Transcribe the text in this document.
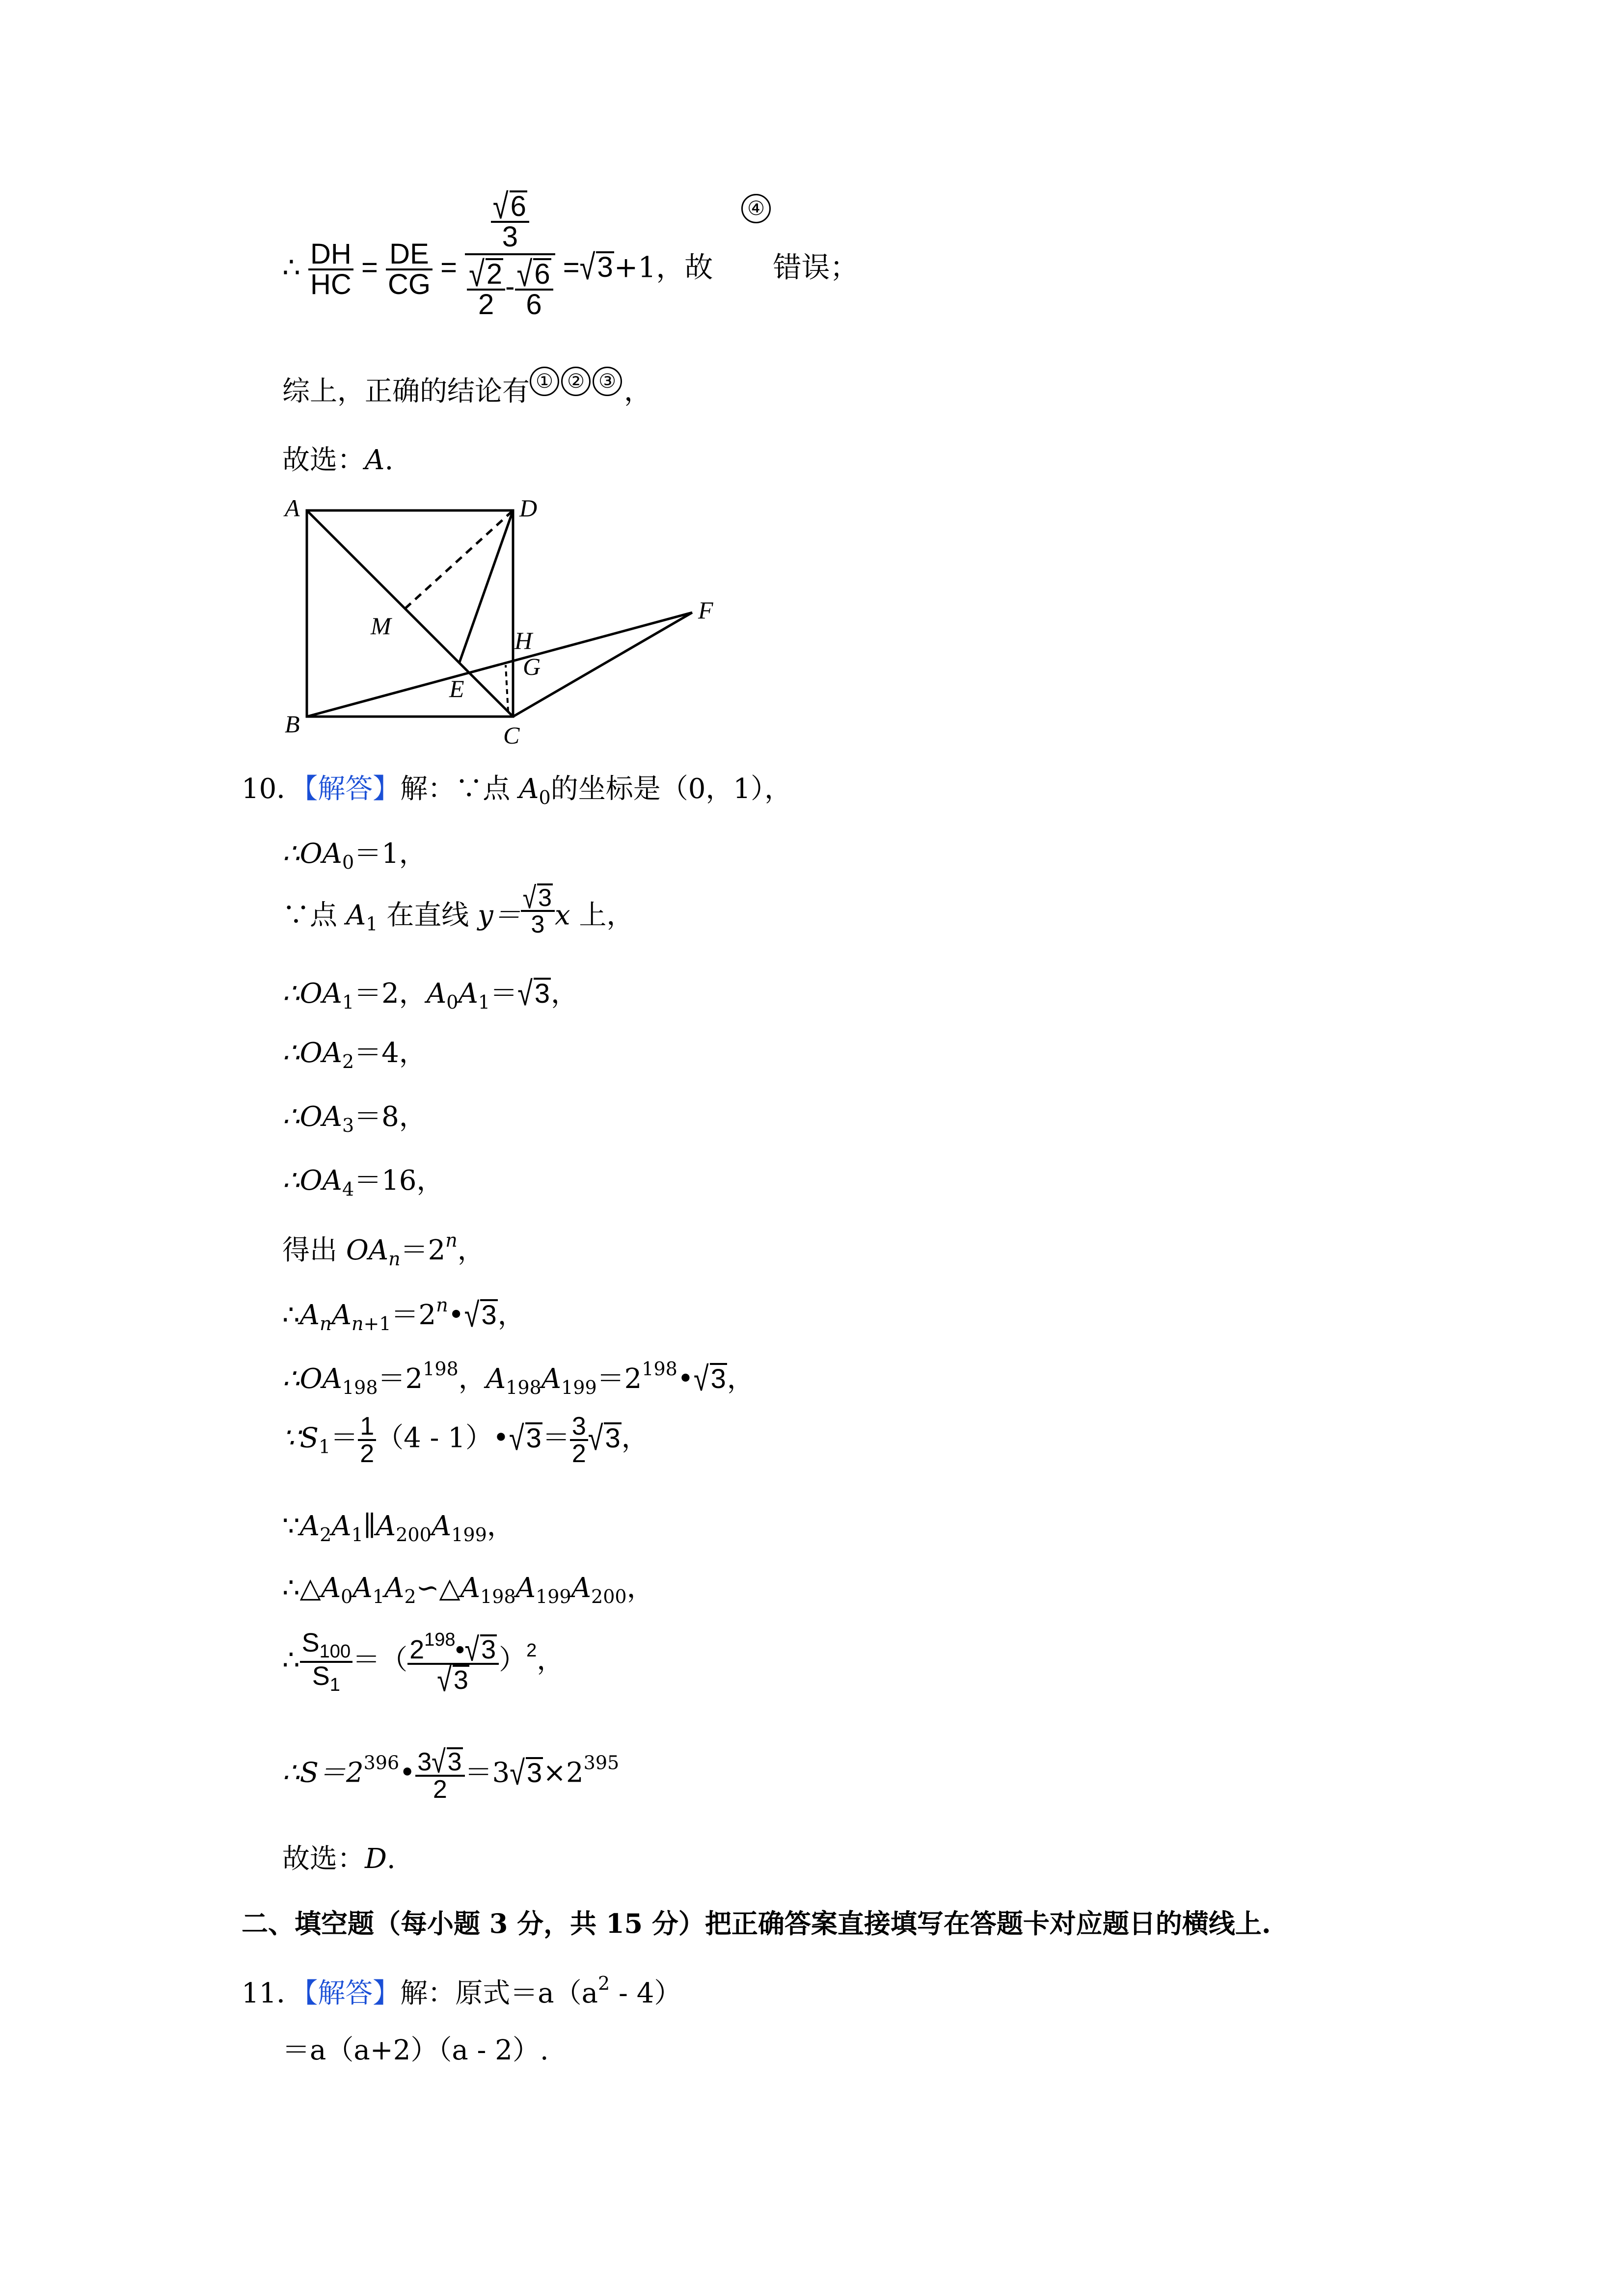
④
∴ $\frac{DH}{HC} = \frac{DE}{CG} = \frac{\frac{√6}{3}}{\frac{√2}{2} - \frac{√6}{6}} =√3+1$，故 错误；
综上，正确的结论有 ① ② ③ ，
故选：A.
A	D
B	C
M
E
F
H
G
10．【解答】解：∵点 $A_0$的坐标是（0，1），
$\therefore OA_0=1$，
∵点 $A_1$ 在直线 $y= \frac{√3}{3}$ x 上，
$\therefore OA_1=2$，$A_0A_1=√3$，
$\therefore OA_2=4$，
$\therefore OA_3=8$，
$\therefore OA_4=16$，
得出 $OA_n=2^n$，
$\therefore A_nA_{n+1}=2^n•√3$，
$\therefore OA_{198}=2^{198}$，$A_{198}A_{199}=2^{198}•√3$，
$\because S_1= \frac{1}{2} (4$ - 1）•√3＝ $\frac{3}{2} √3$，
$\because A_2A_1\parallel A_{200}A_{199}$，
$\therefore\triangle A_0A_1A_2∽\triangle A_{198}A_{199}A_{200}$，
∴ $\frac{S_{100}}{S_1}$ ＝（ $\frac{2^{198}•√3}{√3} )^2$，
$\therefore S=2^{396}• \frac{3√3}{2} =3√3\times 2^{395}$
故选：D.
二、填空题（每小题 3 分，共 15 分）把正确答案直接填写在答题卡对应题日的横线上.
11．【解答】解：原式$=a(a^2 - 4)$
＝a（a+2）（a - 2）.
